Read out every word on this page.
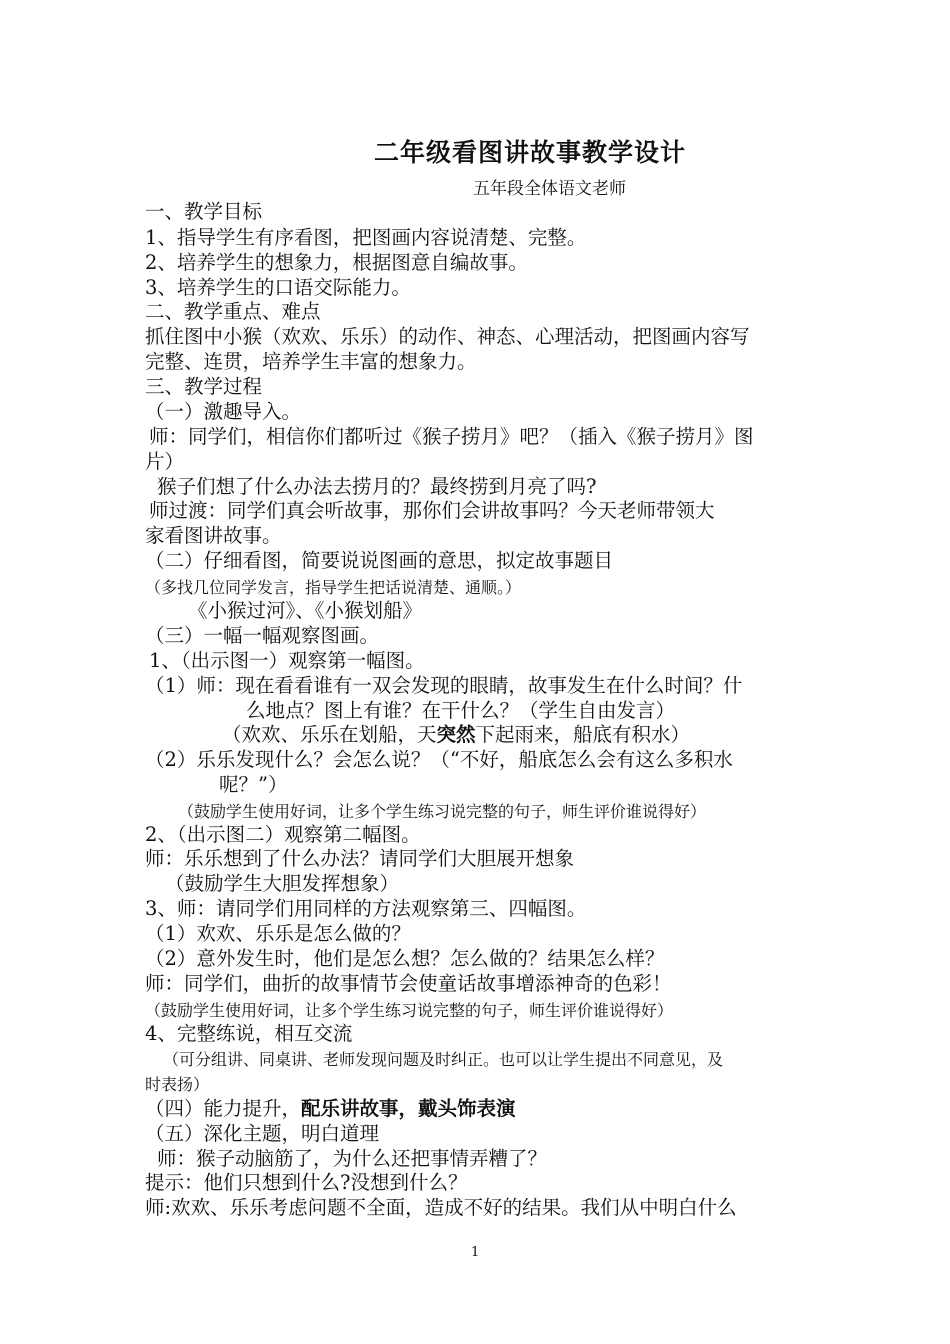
二年级看图讲故事教学设计
五年段全体语文老师
一、教学目标
1、指导学生有序看图，把图画内容说清楚、完整。
2、培养学生的想象力，根据图意自编故事。
3、培养学生的口语交际能力。
二、教学重点、难点
抓住图中小猴（欢欢、乐乐）的动作、神态、心理活动，把图画内容写
完整、连贯，培养学生丰富的想象力。
三、教学过程
（一）激趣导入。
师：同学们，相信你们都听过《猴子捞月》吧？（插入《猴子捞月》图
片）
猴子们想了什么办法去捞月的？最终捞到月亮了吗?
师过渡：同学们真会听故事，那你们会讲故事吗？今天老师带领大
家看图讲故事。
（二）仔细看图，简要说说图画的意思，拟定故事题目
（多找几位同学发言，指导学生把话说清楚、通顺。）
《小猴过河》、《小猴划船》
（三）一幅一幅观察图画。
1、（出示图一）观察第一幅图。
（1）师：现在看看谁有一双会发现的眼睛，故事发生在什么时间？什
么地点？图上有谁？在干什么？（学生自由发言）
（欢欢、乐乐在划船，天突然下起雨来，船底有积水）
（2）乐乐发现什么？会怎么说？（“不好，船底怎么会有这么多积水
呢？”）
（鼓励学生使用好词，让多个学生练习说完整的句子，师生评价谁说得好）
2、（出示图二）观察第二幅图。
师：乐乐想到了什么办法？请同学们大胆展开想象
（鼓励学生大胆发挥想象）
3、师：请同学们用同样的方法观察第三、四幅图。
（1）欢欢、乐乐是怎么做的？
（2）意外发生时，他们是怎么想？怎么做的？结果怎么样？
师：同学们，曲折的故事情节会使童话故事增添神奇的色彩！
（鼓励学生使用好词，让多个学生练习说完整的句子，师生评价谁说得好）
4、完整练说，相互交流
（可分组讲、同桌讲、老师发现问题及时纠正。也可以让学生提出不同意见，及
时表扬）
（四）能力提升，配乐讲故事，戴头饰表演
（五）深化主题，明白道理
师：猴子动脑筋了，为什么还把事情弄糟了？
提示：他们只想到什么?没想到什么？
师:欢欢、乐乐考虑问题不全面，造成不好的结果。我们从中明白什么
1
